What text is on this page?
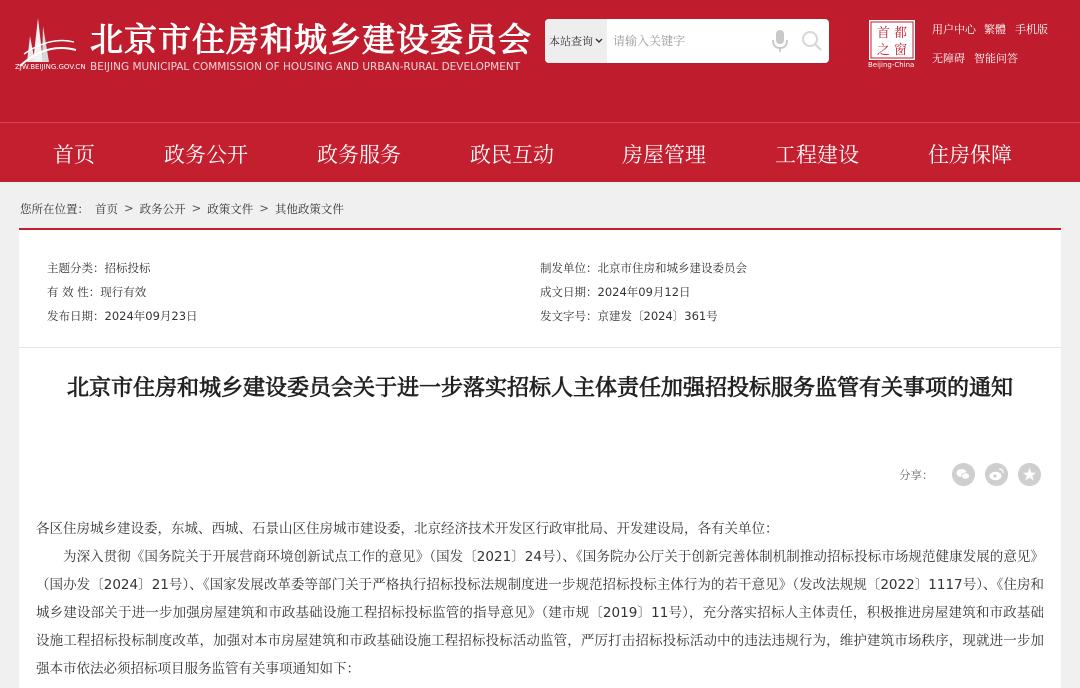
ZJW.BEIJING.GOV.CN
北京市住房和城乡建设委员会
BEIJING MUNICIPAL COMMISSION OF HOUSING AND URBAN-RURAL DEVELOPMENT
本站查询
请输入关键字
首 都
之 窗
Beijing-China
用户中心 繁體 手机版
无障碍 智能问答
首页	政务公开	政务服务	政民互动	房屋管理	工程建设	住房保障
您所在位置： 首页 > 政务公开 > 政策文件 > 其他政策文件
主题分类：招标投标
有 效 性：现行有效
发布日期：2024年09月23日
制发单位：北京市住房和城乡建设委员会
成文日期：2024年09月12日
发文字号：京建发〔2024〕361号
北京市住房和城乡建设委员会关于进一步落实招标人主体责任加强招投标服务监管有关事项的通知
分享：

各区住房城乡建设委，东城、西城、石景山区住房城市建设委，北京经济技术开发区行政审批局、开发建设局，各有关单位：

为深入贯彻《国务院关于开展营商环境创新试点工作的意见》（国发〔2021〕24号）、《国务院办公厅关于创新完善体制机制推动招标投标市场规范健康发展的意见》（国办发〔2024〕21号）、《国家发展改革委等部门关于严格执行招标投标法规制度进一步规范招标投标主体行为的若干意见》（发改法规规〔2022〕1117号）、《住房和城乡建设部关于进一步加强房屋建筑和市政基础设施工程招标投标监管的指导意见》（建市规〔2019〕11号），充分落实招标人主体责任，积极推进房屋建筑和市政基础设施工程招标投标制度改革，加强对本市房屋建筑和市政基础设施工程招标投标活动监管，严厉打击招标投标活动中的违法违规行为，维护建筑市场秩序，现就进一步加强本市依法必须招标项目服务监管有关事项通知如下：
